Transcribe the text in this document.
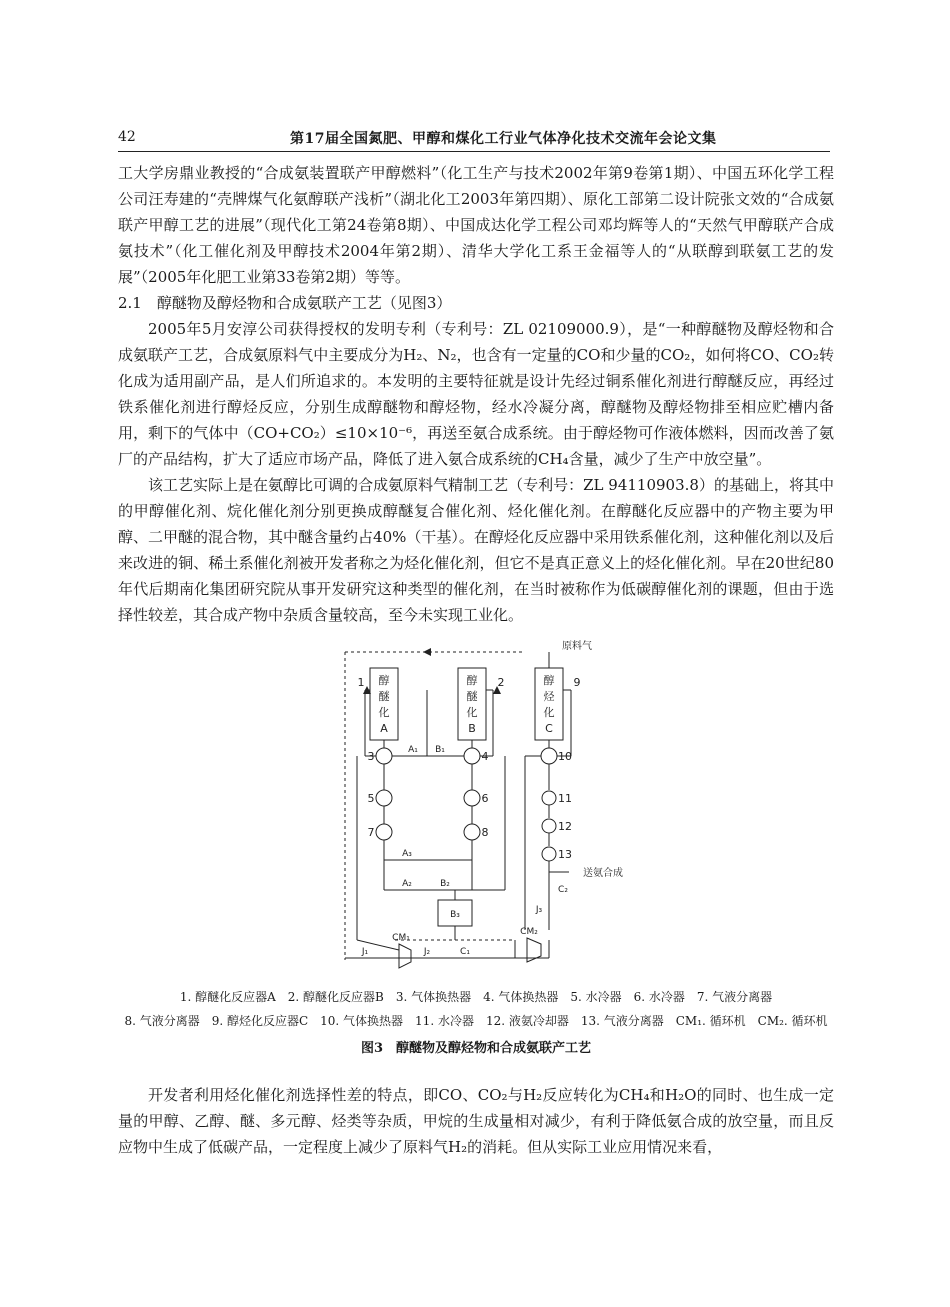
42	第17届全国氮肥、甲醇和煤化工行业气体净化技术交流年会论文集

工大学房鼎业教授的“合成氨装置联产甲醇燃料”（化工生产与技术2002年第9卷第1期）、中国五环化学工程公司汪寿建的“壳牌煤气化氨醇联产浅析”（湖北化工2003年第四期）、原化工部第二设计院张文效的“合成氨联产甲醇工艺的进展”（现代化工第24卷第8期）、中国成达化学工程公司邓均辉等人的“天然气甲醇联产合成氨技术”（化工催化剂及甲醇技术2004年第2期）、清华大学化工系王金福等人的“从联醇到联氨工艺的发展”（2005年化肥工业第33卷第2期）等等。

2.1　醇醚物及醇烃物和合成氨联产工艺（见图3）

2005年5月安淳公司获得授权的发明专利（专利号：ZL 02109000.9），是“一种醇醚物及醇烃物和合成氨联产工艺，合成氨原料气中主要成分为H₂、N₂，也含有一定量的CO和少量的CO₂，如何将CO、CO₂转化成为适用副产品，是人们所追求的。本发明的主要特征就是设计先经过铜系催化剂进行醇醚反应，再经过铁系催化剂进行醇烃反应，分别生成醇醚物和醇烃物，经水冷凝分离，醇醚物及醇烃物排至相应贮槽内备用，剩下的气体中（CO+CO₂）≤10×10⁻⁶，再送至氨合成系统。由于醇烃物可作液体燃料，因而改善了氨厂的产品结构，扩大了适应市场产品，降低了进入氨合成系统的CH₄含量，减少了生产中放空量”。

该工艺实际上是在氨醇比可调的合成氨原料气精制工艺（专利号：ZL 94110903.8）的基础上，将其中的甲醇催化剂、烷化催化剂分别更换成醇醚复合催化剂、烃化催化剂。在醇醚化反应器中的产物主要为甲醇、二甲醚的混合物，其中醚含量约占40%（干基）。在醇烃化反应器中采用铁系催化剂，这种催化剂以及后来改进的铜、稀土系催化剂被开发者称之为烃化催化剂，但它不是真正意义上的烃化催化剂。早在20世纪80年代后期南化集团研究院从事开发研究这种类型的催化剂，在当时被称作为低碳醇催化剂的课题，但由于选择性较差，其合成产物中杂质含量较高，至今未实现工业化。

原料气
送氨合成
醇
醚
化
A
醇
醚
化
B
醇
烃
化
C
1	2
3	4
5	6
7	8
9
10
11
12
13
A₁ B₁
A₃
A₂	B₂
B₃
J₁	J₂
J₃
C₁
C₂
CM₁
CM₂
1. 醇醚化反应器A　2. 醇醚化反应器B　3. 气体换热器　4. 气体换热器　5. 水冷器　6. 水冷器　7. 气液分离器
8. 气液分离器　9. 醇烃化反应器C　10. 气体换热器　11. 水冷器　12. 液氨冷却器　13. 气液分离器　CM₁. 循环机　CM₂. 循环机
图3　醇醚物及醇烃物和合成氨联产工艺

开发者利用烃化催化剂选择性差的特点，即CO、CO₂与H₂反应转化为CH₄和H₂O的同时、也生成一定量的甲醇、乙醇、醚、多元醇、烃类等杂质，甲烷的生成量相对减少，有利于降低氨合成的放空量，而且反应物中生成了低碳产品，一定程度上减少了原料气H₂的消耗。但从实际工业应用情况来看，
